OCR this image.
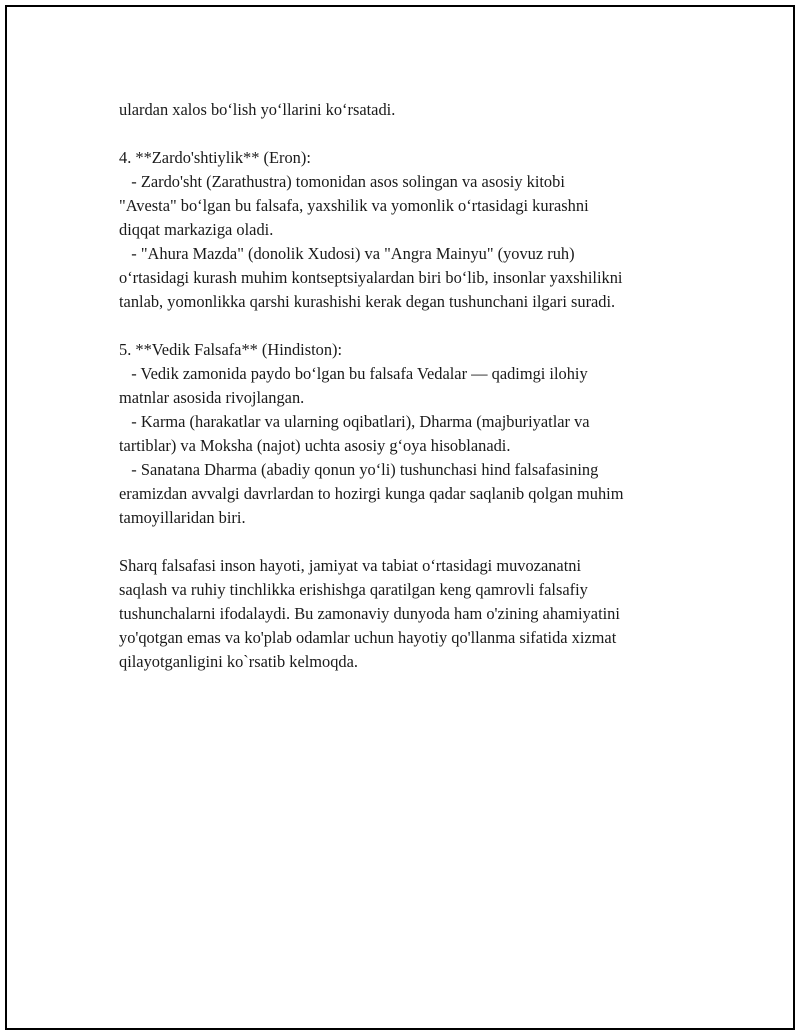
ulardan xalos bo‘lish yo‘llarini ko‘rsatadi.
4. **Zardo'shtiylik** (Eron):
- Zardo'sht (Zarathustra) tomonidan asos solingan va asosiy kitobi
"Avesta" bo‘lgan bu falsafa, yaxshilik va yomonlik o‘rtasidagi kurashni
diqqat markaziga oladi.
- "Ahura Mazda" (donolik Xudosi) va "Angra Mainyu" (yovuz ruh)
o‘rtasidagi kurash muhim kontseptsiyalardan biri bo‘lib, insonlar yaxshilikni
tanlab, yomonlikka qarshi kurashishi kerak degan tushunchani ilgari suradi.
5. **Vedik Falsafa** (Hindiston):
- Vedik zamonida paydo bo‘lgan bu falsafa Vedalar — qadimgi ilohiy
matnlar asosida rivojlangan.
- Karma (harakatlar va ularning oqibatlari), Dharma (majburiyatlar va
tartiblar) va Moksha (najot) uchta asosiy g‘oya hisoblanadi.
- Sanatana Dharma (abadiy qonun yo‘li) tushunchasi hind falsafasining
eramizdan avvalgi davrlardan to hozirgi kunga qadar saqlanib qolgan muhim
tamoyillaridan biri.
Sharq falsafasi inson hayoti, jamiyat va tabiat o‘rtasidagi muvozanatni
saqlash va ruhiy tinchlikka erishishga qaratilgan keng qamrovli falsafiy
tushunchalarni ifodalaydi. Bu zamonaviy dunyoda ham o'zining ahamiyatini
yo'qotgan emas va ko'plab odamlar uchun hayotiy qo'llanma sifatida xizmat
qilayotganligini ko`rsatib kelmoqda.
